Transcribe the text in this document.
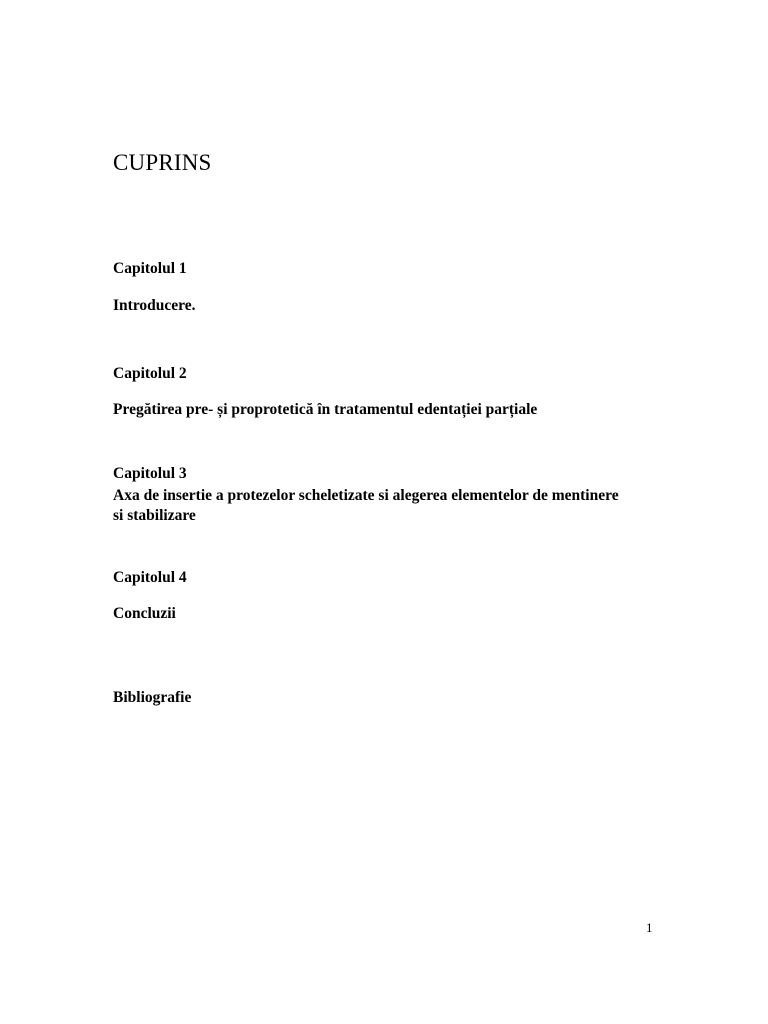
CUPRINS
Capitolul 1
Introducere.
Capitolul 2
Pregătirea pre- și proprotetică în tratamentul edentației parțiale
Capitolul 3
Axa de insertie a protezelor scheletizate si alegerea elementelor de mentinere si stabilizare
Capitolul 4
Concluzii
Bibliografie
1
